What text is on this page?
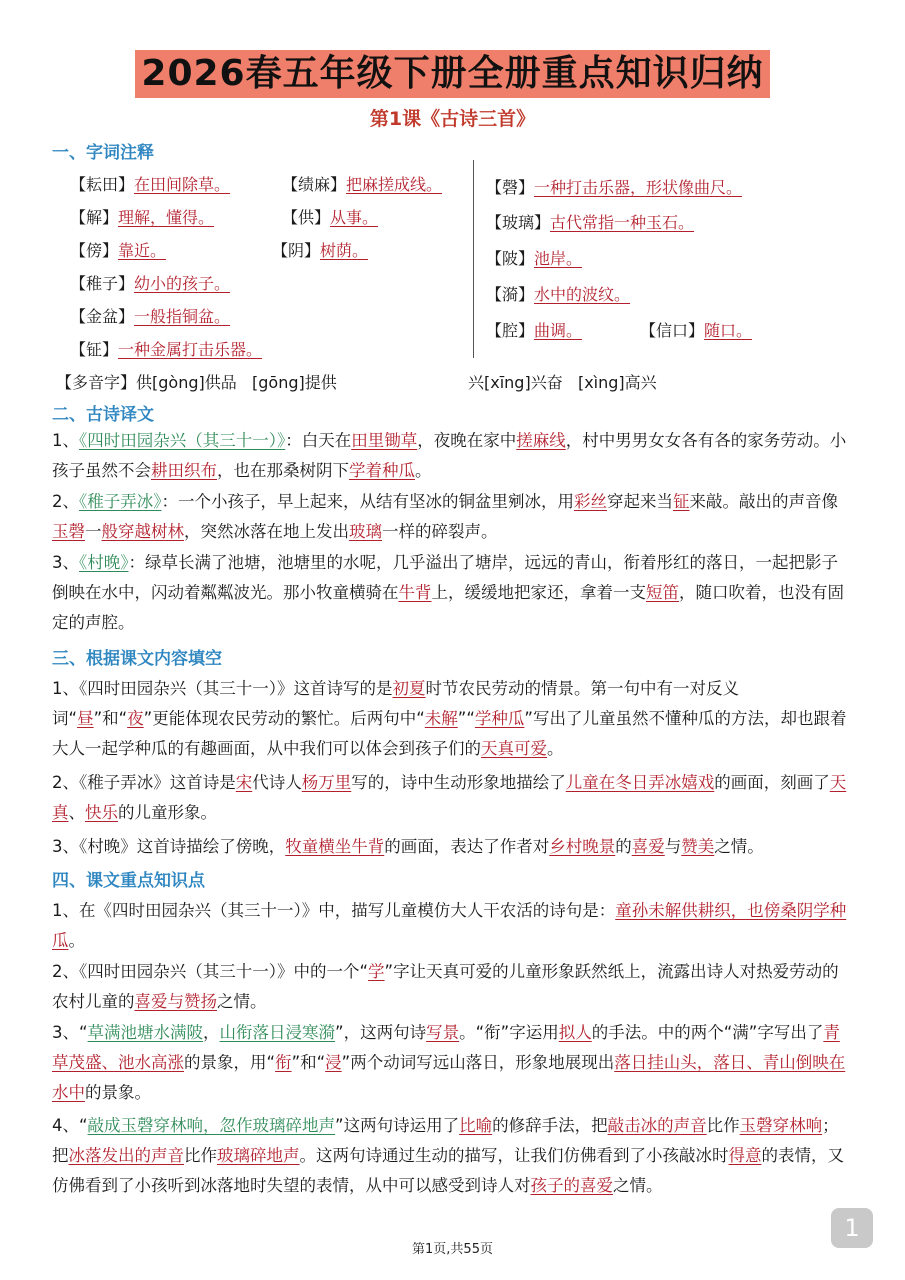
2026春五年级下册全册重点知识归纳
第1课《古诗三首》
一、字词注释
【耘田】在田间除草。	【绩麻】把麻搓成线。
【解】理解，懂得。	【供】从事。
【傍】靠近。	【阴】树荫。
【稚子】幼小的孩子。
【金盆】一般指铜盆。
【钲】一种金属打击乐器。
【磬】一种打击乐器，形状像曲尺。
【玻璃】古代常指一种玉石。
【陂】池岸。
【漪】水中的波纹。
【腔】曲调。	【信口】随口。
【多音字】供[gòng]供品   [gōng]提供	兴[xīng]兴奋   [xìng]高兴
二、古诗译文
1、《四时田园杂兴（其三十一）》：白天在田里锄草，夜晚在家中搓麻线，村中男男女女各有各的家务劳动。小孩子虽然不会耕田织布，也在那桑树阴下学着种瓜。
2、《稚子弄冰》：一个小孩子，早上起来，从结有坚冰的铜盆里剜冰，用彩丝穿起来当钲来敲。敲出的声音像玉磬一般穿越树林，突然冰落在地上发出玻璃一样的碎裂声。
3、《村晚》：绿草长满了池塘，池塘里的水呢，几乎溢出了塘岸，远远的青山，衔着彤红的落日，一起把影子倒映在水中，闪动着粼粼波光。那小牧童横骑在牛背上，缓缓地把家还，拿着一支短笛，随口吹着，也没有固定的声腔。
三、根据课文内容填空
1、《四时田园杂兴（其三十一）》这首诗写的是初夏时节农民劳动的情景。第一句中有一对反义词“昼”和“夜”更能体现农民劳动的繁忙。后两句中“未解”“学种瓜”写出了儿童虽然不懂种瓜的方法，却也跟着大人一起学种瓜的有趣画面，从中我们可以体会到孩子们的天真可爱。
2、《稚子弄冰》这首诗是宋代诗人杨万里写的，诗中生动形象地描绘了儿童在冬日弄冰嬉戏的画面，刻画了天真、快乐的儿童形象。
3、《村晚》这首诗描绘了傍晚，牧童横坐牛背的画面，表达了作者对乡村晚景的喜爱与赞美之情。
四、课文重点知识点
1、在《四时田园杂兴（其三十一）》中，描写儿童模仿大人干农活的诗句是：童孙未解供耕织，也傍桑阴学种瓜。
2、《四时田园杂兴（其三十一）》中的一个“学”字让天真可爱的儿童形象跃然纸上，流露出诗人对热爱劳动的农村儿童的喜爱与赞扬之情。
3、“草满池塘水满陂，山衔落日浸寒漪”，这两句诗写景。“衔”字运用拟人的手法。中的两个“满”字写出了青草茂盛、池水高涨的景象，用“衔”和“浸”两个动词写远山落日，形象地展现出落日挂山头，落日、青山倒映在水中的景象。
4、“敲成玉磬穿林响，忽作玻璃碎地声”这两句诗运用了比喻的修辞手法，把敲击冰的声音比作玉磬穿林响；把冰落发出的声音比作玻璃碎地声。这两句诗通过生动的描写，让我们仿佛看到了小孩敲冰时得意的表情，又仿佛看到了小孩听到冰落地时失望的表情，从中可以感受到诗人对孩子的喜爱之情。
第1页,共55页
1
